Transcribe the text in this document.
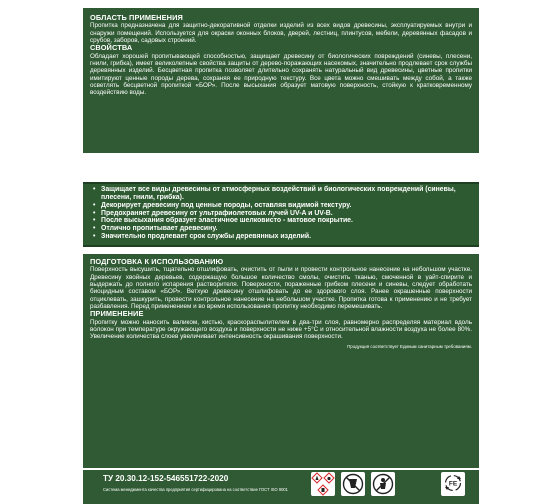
ОБЛАСТЬ ПРИМЕНЕНИЯ

Пропитка предназначена для защитно-декоративной отделки изделий из всех видов древесины, эксплуатируемых внутри и снаружи помещений. Используется для окраски оконных блоков, дверей, лестниц, плинтусов, мебели, деревянных фасадов и срубов, заборов, садовых строений.

СВОЙСТВА

Обладает хорошей пропитывающей способностью, защищает древесину от биологических повреждений (синевы, плесени, гнили, грибка), имеет великолепные свойства защиты от дерево-поражающих насекомых, значительно продлевает срок службы деревянных изделий. Бесцветная пропитка позволяет длительно сохранять натуральный вид древесины, цветные пропитки имитируют ценные породы дерева, сохраняя ее природную текстуру. Все цвета можно смешивать между собой, а также осветлять бесцветной пропиткой «БОР». После высыхания образует матовую поверхность, стойкую к кратковременному воздействию воды.

• Защищает все виды древесины от атмосферных воздействий и биологических повреждений (синевы, плесени, гнили, грибка).
• Декорирует древесину под ценные породы, оставляя видимой текстуру.
• Предохраняет древесину от ультрафиолетовых лучей UV-A и UV-B.
• После высыхания образует эластичное шелковисто - матовое покрытие.
• Отлично пропитывает древесину.
• Значительно продлевает срок службы деревянных изделий.
ПОДГОТОВКА К ИСПОЛЬЗОВАНИЮ

Поверхность высушить, тщательно отшлифовать, очистить от пыли и провести контрольное нанесение на небольшом участке. Древесину хвойных деревьев, содержащую большое количество смолы, очистить тканью, смоченной в уайт-спирите и выдержать до полного испарения растворителя. Поверхности, пораженные грибком плесени и синевы, следует обработать биоцидным составом «БОР». Ветхую древесину отшлифовать до ее здорового слоя. Ранее окрашенные поверхности отциклевать, зашкурить, провести контрольное нанесение на небольшом участке. Пропитка готова к применению и не требует разбавления. Перед применением и во время использования пропитку необходимо перемешивать.

ПРИМЕНЕНИЕ

Пропитку можно наносить валиком, кистью, краскораспылителем в два-три слоя, равномерно распределяя материал вдоль волокон при температуре окружающего воздуха и поверхности не ниже +5°С и относительной влажности воздуха не более 80%. Увеличение количества слоев увеличивает интенсивность окрашивания поверхности.

Продукция соответствует Единым санитарным требованиям.
ТУ 20.30.12-152-546551722-2020
Система менеджмента качества предприятия сертифицирована на соответствие ГОСТ ISO 9001
FE
